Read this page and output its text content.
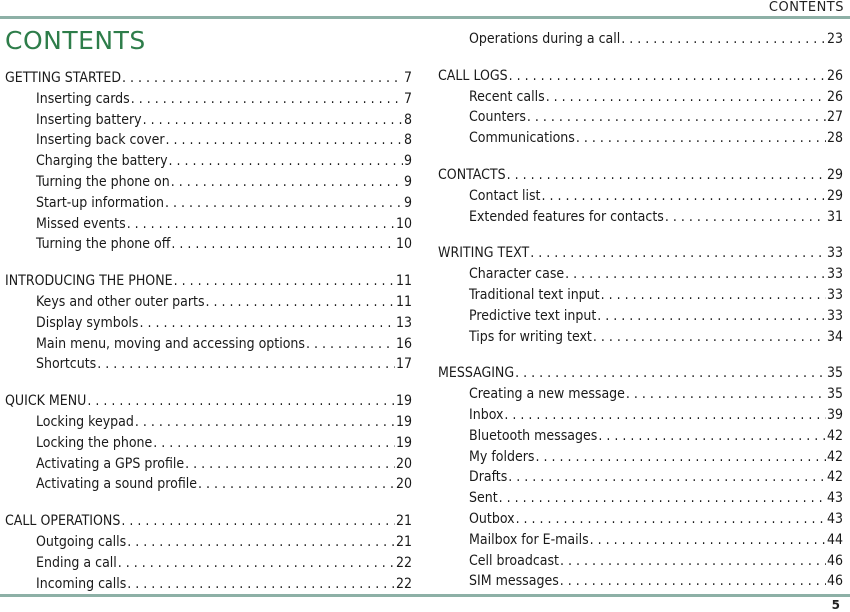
CONTENTS
CONTENTS
GETTING STARTED . . .	7
Inserting cards . . .	7
Inserting battery . . .	8
Inserting back cover . . .	8
Charging the battery . . .	9
Turning the phone on . . .	9
Start-up information . . .	9
Missed events . . .	10
Turning the phone off . . .	10
INTRODUCING THE PHONE . . .	11
Keys and other outer parts . . .	11
Display symbols . . .	13
Main menu, moving and accessing options . . .	16
Shortcuts . . .	17
QUICK MENU . . .	19
Locking keypad . . .	19
Locking the phone . . .	19
Activating a GPS profile . . .	20
Activating a sound profile . . .	20
CALL OPERATIONS . . .	21
Outgoing calls . . .	21
Ending a call . . .	22
Incoming calls . . .	22
Operations during a call . . .	23
CALL LOGS . . .	26
Recent calls . . .	26
Counters . . .	27
Communications . . .	28
CONTACTS . . .	29
Contact list . . .	29
Extended features for contacts . . .	31
WRITING TEXT . . .	33
Character case . . .	33
Traditional text input . . .	33
Predictive text input . . .	33
Tips for writing text . . .	34
MESSAGING . . .	35
Creating a new message . . .	35
Inbox . . .	39
Bluetooth messages . . .	42
My folders . . .	42
Drafts . . .	42
Sent . . .	43
Outbox . . .	43
Mailbox for E-mails . . .	44
Cell broadcast . . .	46
SIM messages . . .	46
5
